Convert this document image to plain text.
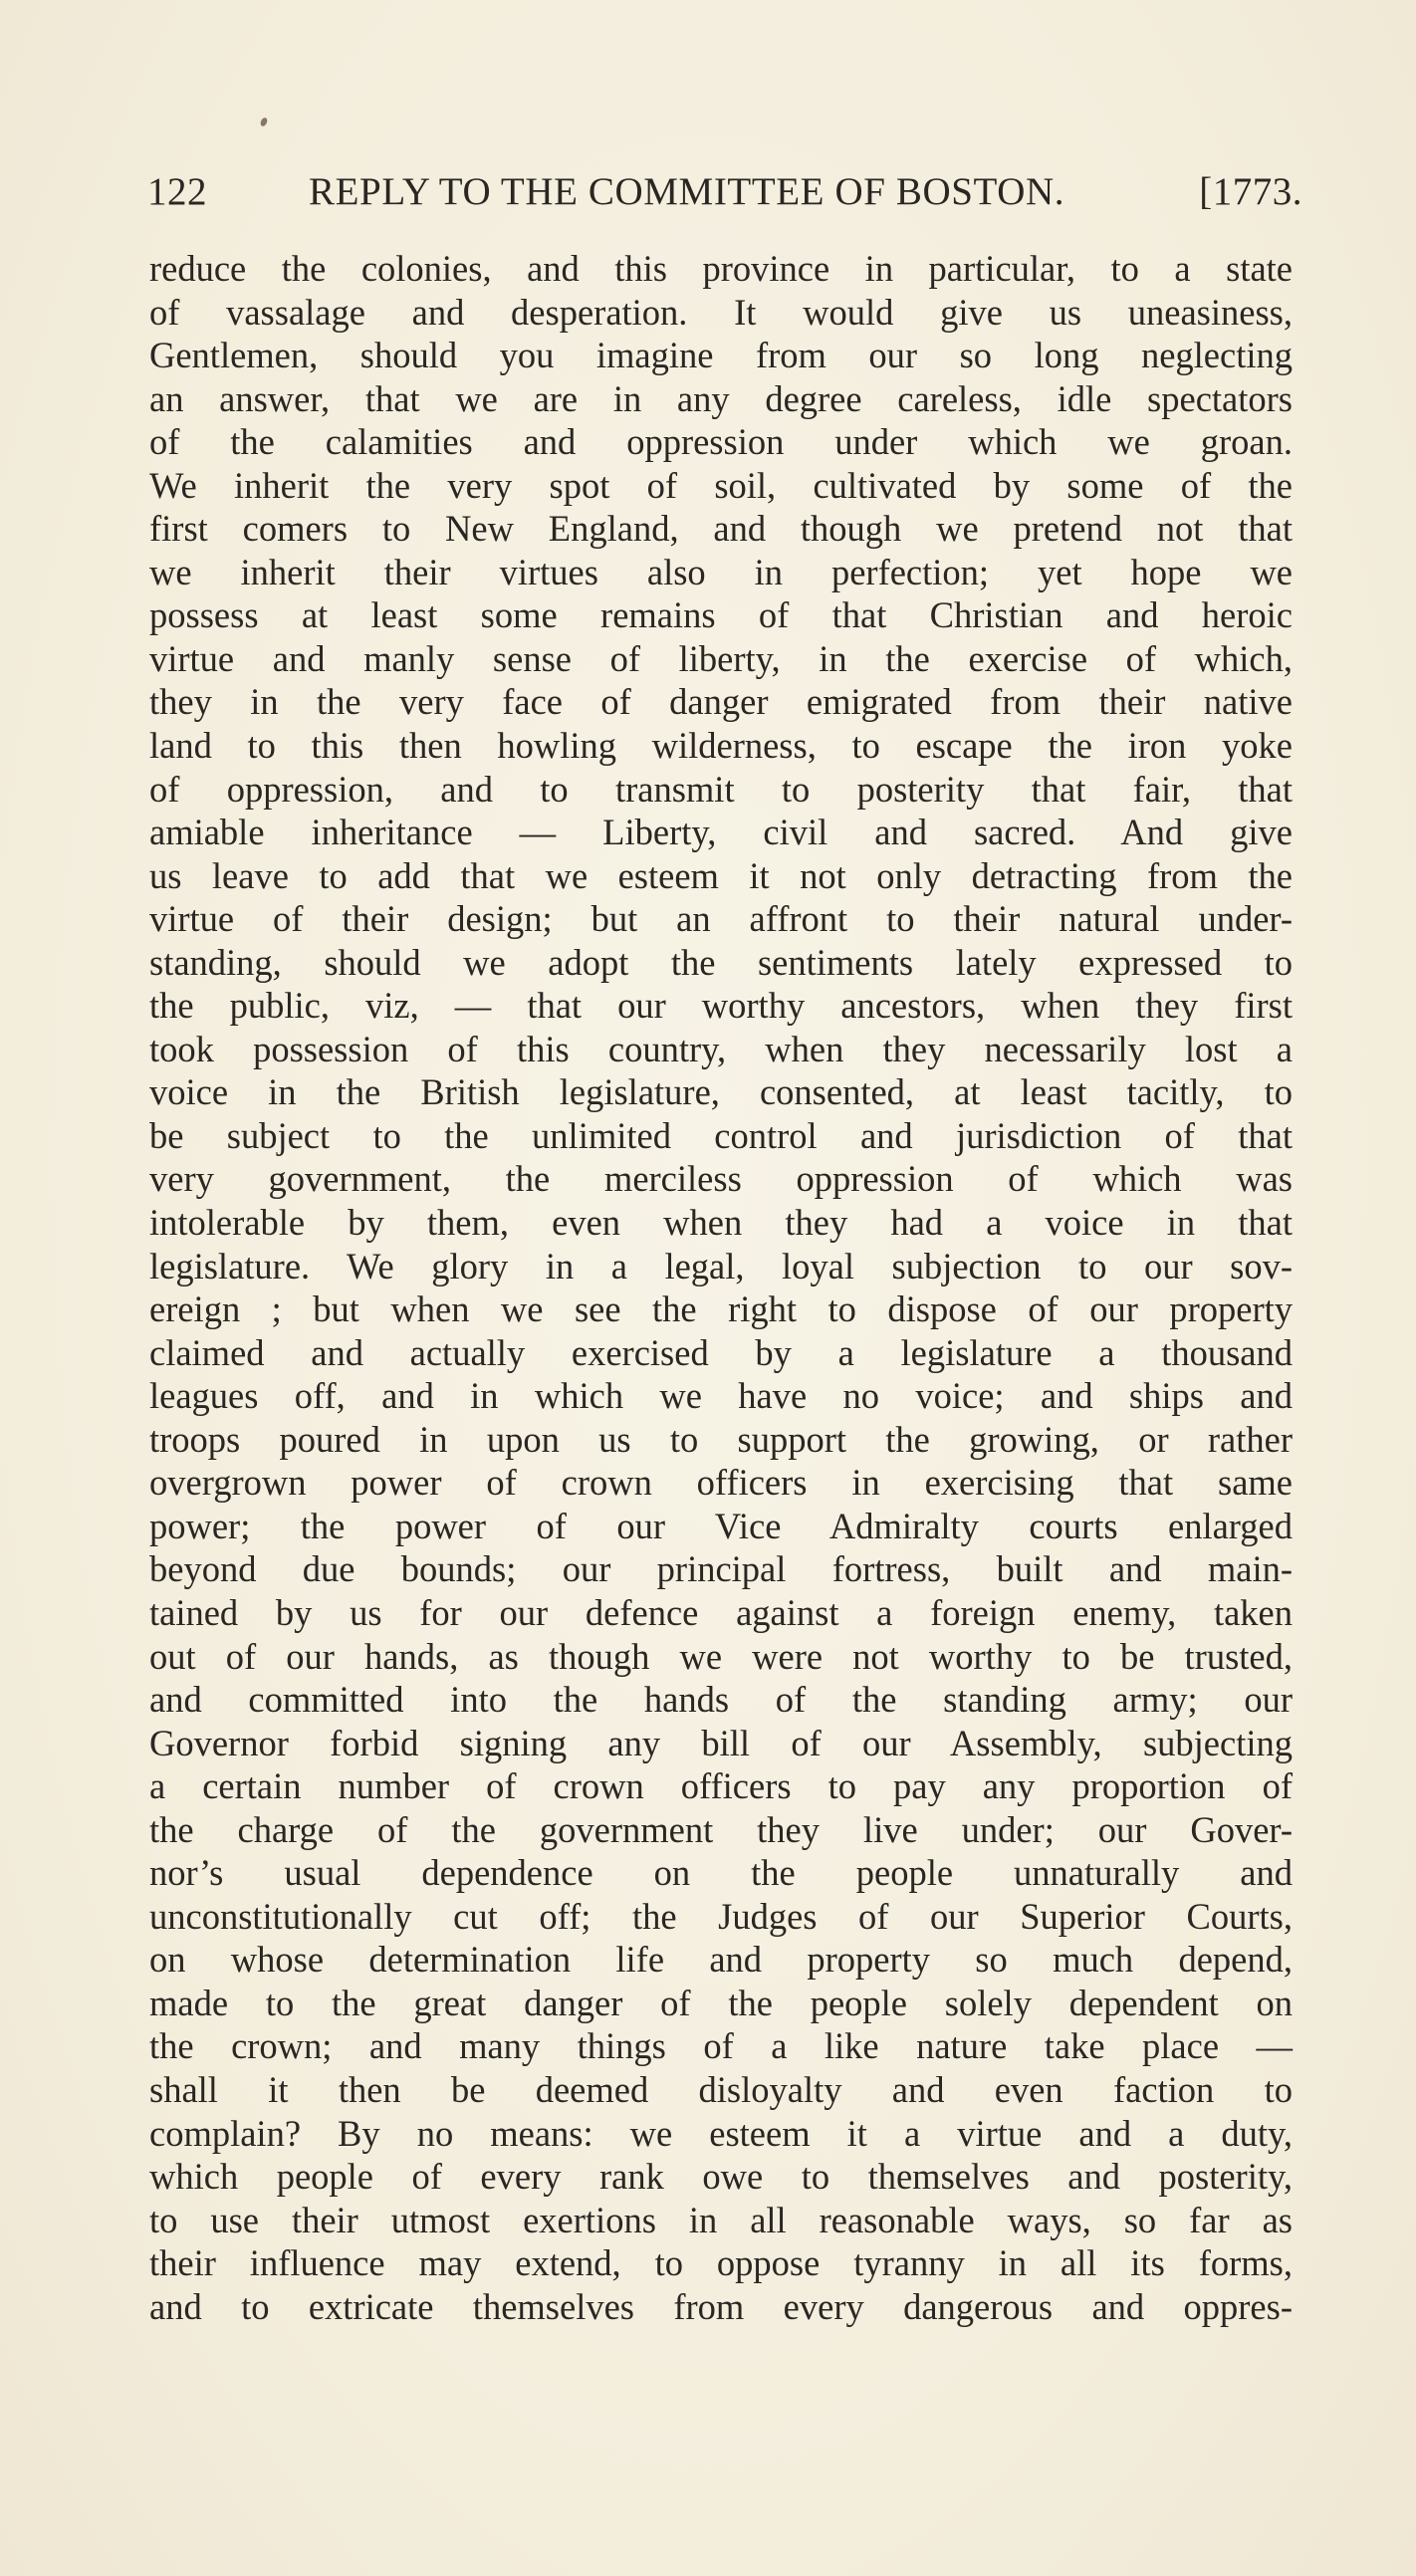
122	REPLY TO THE COMMITTEE OF BOSTON.	[1773.
reduce the colonies, and this province in particular, to a state
of vassalage and desperation. It would give us uneasiness,
Gentlemen, should you imagine from our so long neglecting
an answer, that we are in any degree careless, idle spectators
of the calamities and oppression under which we groan.
We inherit the very spot of soil, cultivated by some of the
first comers to New England, and though we pretend not that
we inherit their virtues also in perfection; yet hope we
possess at least some remains of that Christian and heroic
virtue and manly sense of liberty, in the exercise of which,
they in the very face of danger emigrated from their native
land to this then howling wilderness, to escape the iron yoke
of oppression, and to transmit to posterity that fair, that
amiable inheritance — Liberty, civil and sacred. And give
us leave to add that we esteem it not only detracting from the
virtue of their design; but an affront to their natural under-
standing, should we adopt the sentiments lately expressed to
the public, viz, — that our worthy ancestors, when they first
took possession of this country, when they necessarily lost a
voice in the British legislature, consented, at least tacitly, to
be subject to the unlimited control and jurisdiction of that
very government, the merciless oppression of which was
intolerable by them, even when they had a voice in that
legislature. We glory in a legal, loyal subjection to our sov-
ereign ; but when we see the right to dispose of our property
claimed and actually exercised by a legislature a thousand
leagues off, and in which we have no voice; and ships and
troops poured in upon us to support the growing, or rather
overgrown power of crown officers in exercising that same
power; the power of our Vice Admiralty courts enlarged
beyond due bounds; our principal fortress, built and main-
tained by us for our defence against a foreign enemy, taken
out of our hands, as though we were not worthy to be trusted,
and committed into the hands of the standing army; our
Governor forbid signing any bill of our Assembly, subjecting
a certain number of crown officers to pay any proportion of
the charge of the government they live under; our Gover-
nor’s usual dependence on the people unnaturally and
unconstitutionally cut off; the Judges of our Superior Courts,
on whose determination life and property so much depend,
made to the great danger of the people solely dependent on
the crown; and many things of a like nature take place —
shall it then be deemed disloyalty and even faction to
complain? By no means: we esteem it a virtue and a duty,
which people of every rank owe to themselves and posterity,
to use their utmost exertions in all reasonable ways, so far as
their influence may extend, to oppose tyranny in all its forms,
and to extricate themselves from every dangerous and oppres-
